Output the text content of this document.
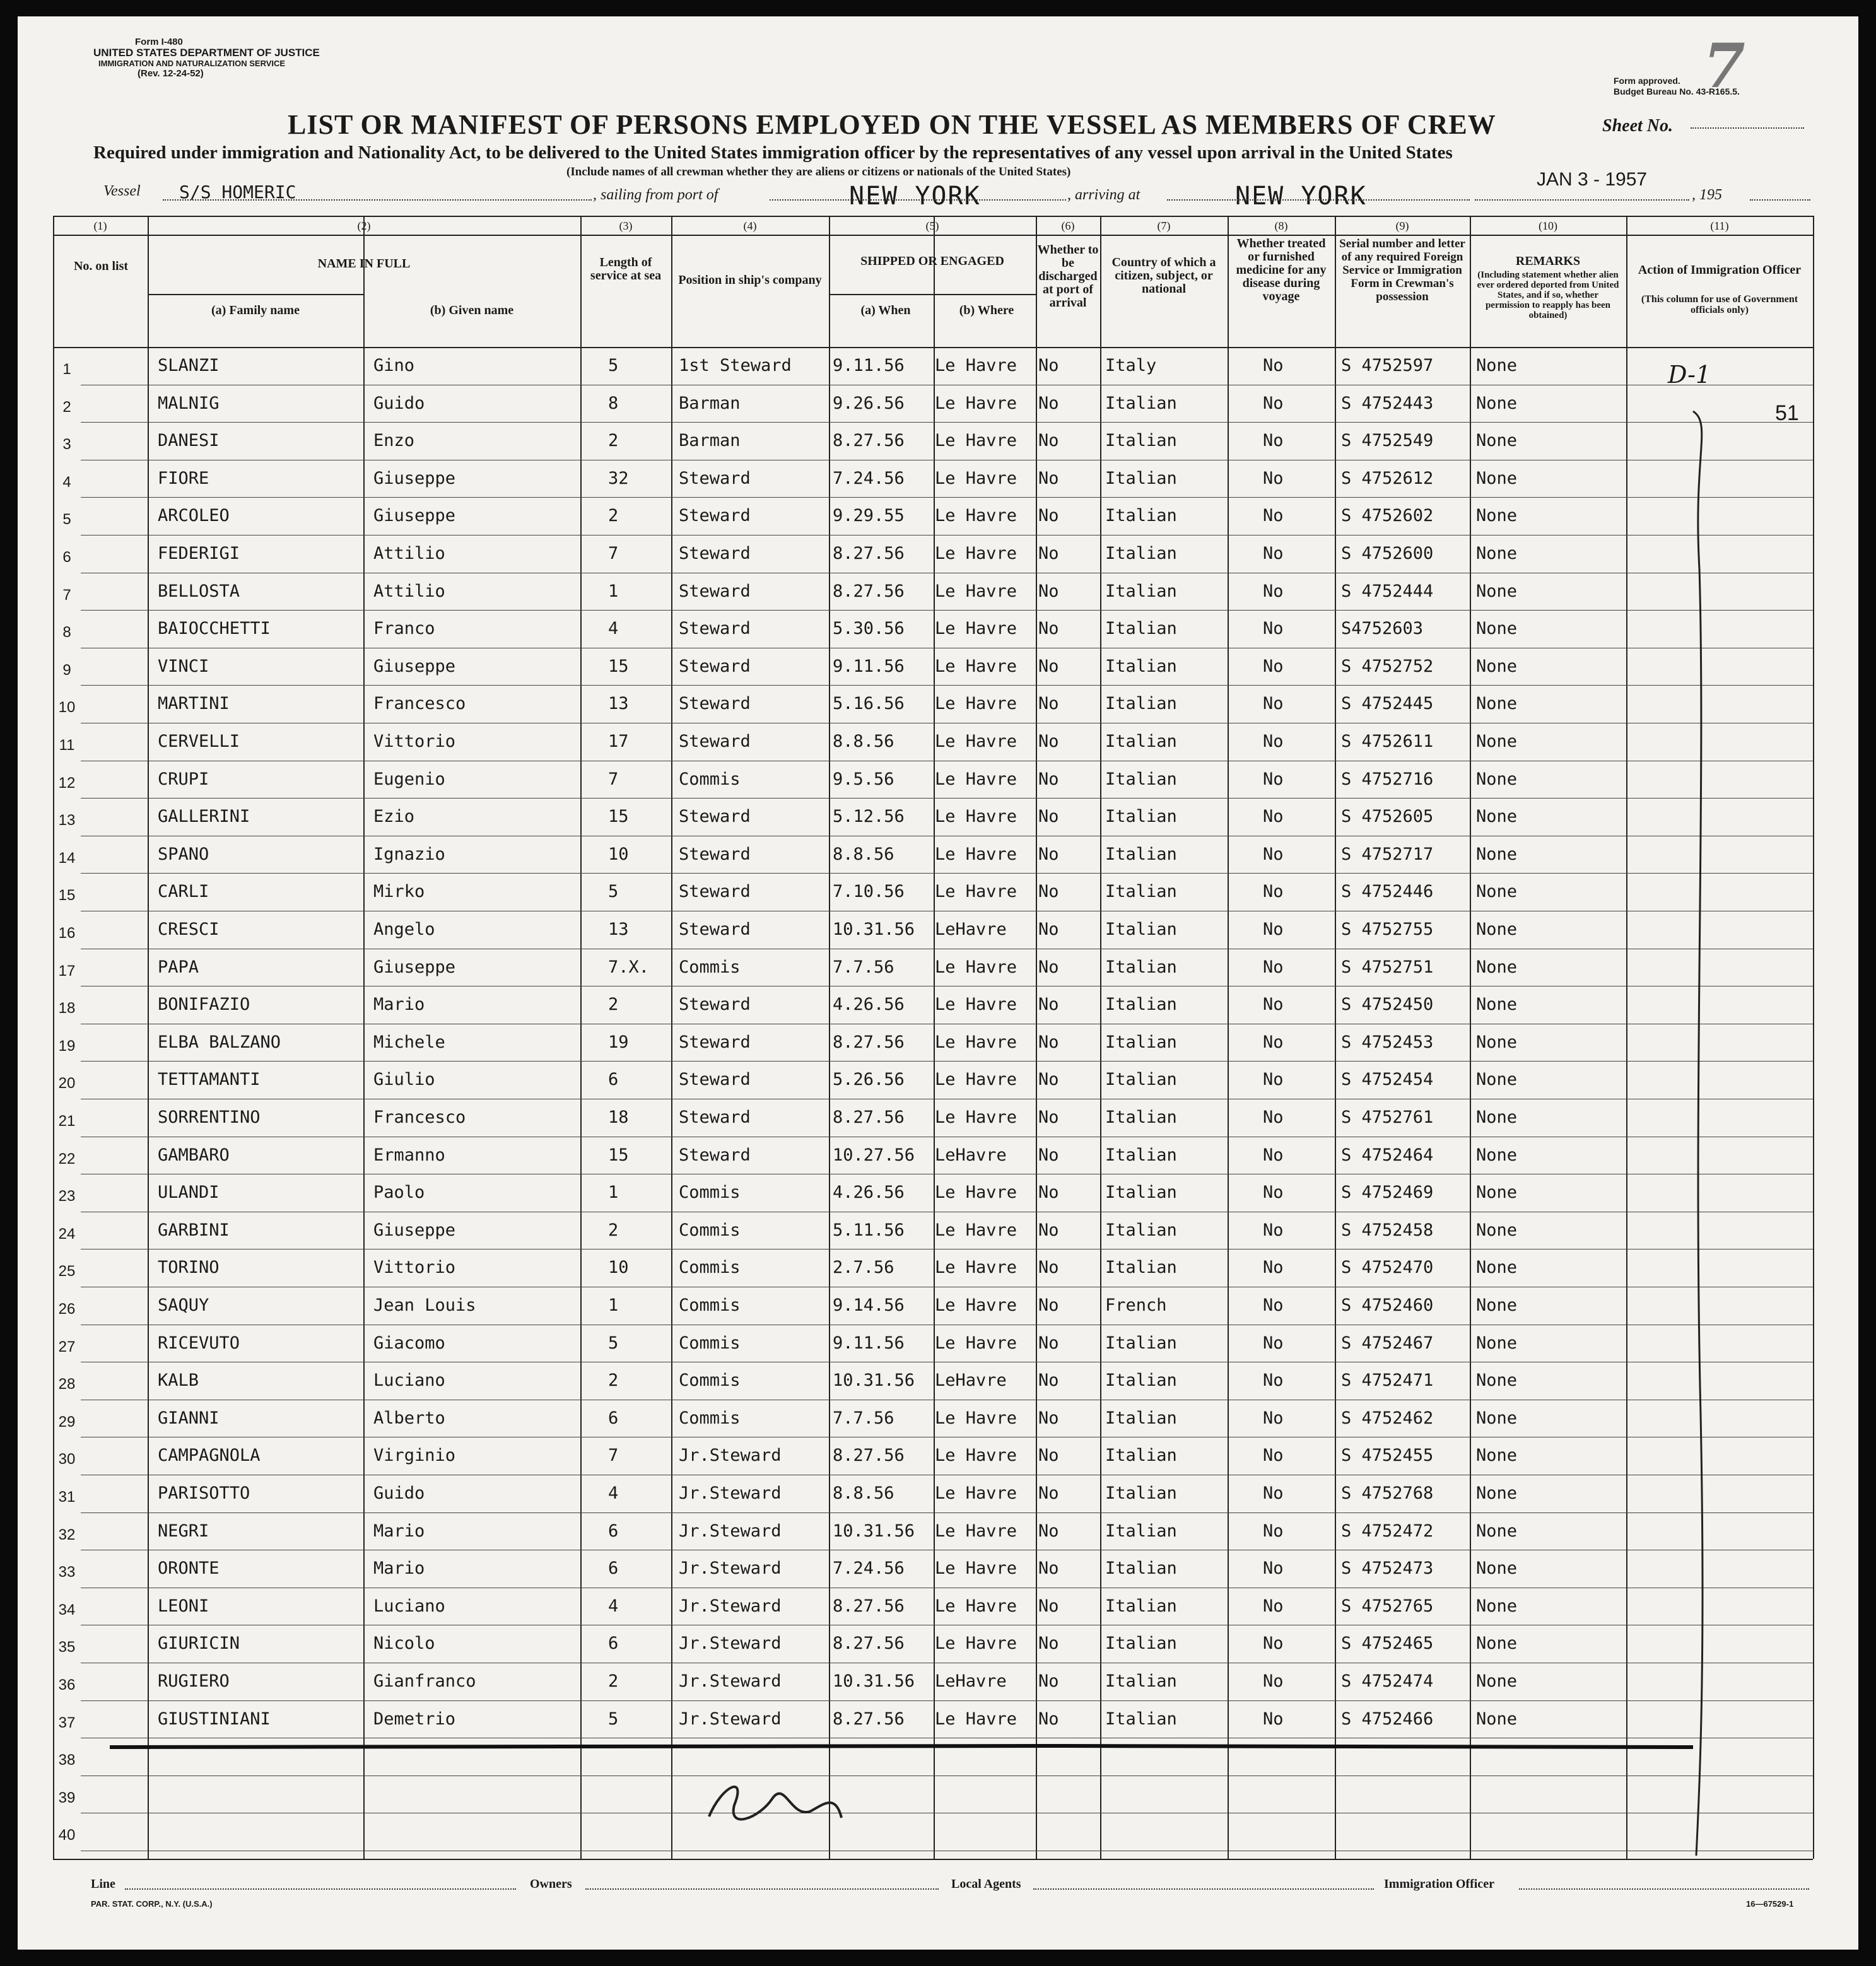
Form I-480
UNITED STATES DEPARTMENT OF JUSTICE
IMMIGRATION AND NATURALIZATION SERVICE
(Rev. 12-24-52)
Form approved.
Budget Bureau No. 43-R165.5.
LIST OR MANIFEST OF PERSONS EMPLOYED ON THE VESSEL AS MEMBERS OF CREW	Sheet No.
7
Required under immigration and Nationality Act, to be delivered to the United States immigration officer by the representatives of any vessel upon arrival in the United States
(Include names of all crewman whether they are aliens or citizens or nationals of the United States)
Vessel S/S HOMERIC	, sailing from port of	NEW YORK	, arriving at	NEW YORK
JAN 3 - 1957
, 195
(1)	(2)	(3)	(4)	(5)	(6)	(7)	(8)	(9)	(10)	(11)
No. on list	NAME IN FULL
(a) Family name	(b) Given name
Length of service at sea Position in ship's company
SHIPPED OR ENGAGED
(a) When	(b) Where
Whether to be discharged at port of arrival
Country of which a citizen, subject, or national
Whether treated or furnished medicine for any disease during voyage
Serial number and letter of any required Foreign Service or Immigration Form in Crewman's possession
REMARKS
(Including statement whether alien ever ordered deported from United States, and if so, whether permission to reapply has been obtained)
Action of Immigration Officer
(This column for use of Government officials only)
1	SLANZI	Gino	5	1st Steward 9.11.56 Le Havre No	Italy	No	S 4752597	None
2	MALNIG	Guido	8	Barman	9.26.56 Le Havre No	Italian	No	S 4752443	None
3	DANESI	Enzo	2	Barman	8.27.56 Le Havre No	Italian	No	S 4752549	None
4	FIORE	Giuseppe	32	Steward	7.24.56 Le Havre No	Italian	No	S 4752612	None
5	ARCOLEO	Giuseppe	2	Steward	9.29.55 Le Havre No	Italian	No	S 4752602	None
6	FEDERIGI	Attilio	7	Steward	8.27.56 Le Havre No	Italian	No	S 4752600	None
7	BELLOSTA	Attilio	1	Steward	8.27.56 Le Havre No	Italian	No	S 4752444	None
8	BAIOCCHETTI	Franco	4	Steward	5.30.56 Le Havre No	Italian	No	S4752603	None
9	VINCI	Giuseppe	15	Steward	9.11.56 Le Havre No	Italian	No	S 4752752	None
10	MARTINI	Francesco	13	Steward	5.16.56 Le Havre No	Italian	No	S 4752445	None
11	CERVELLI	Vittorio	17	Steward	8.8.56 Le Havre No	Italian	No	S 4752611	None
12	CRUPI	Eugenio	7	Commis	9.5.56 Le Havre No	Italian	No	S 4752716	None
13	GALLERINI	Ezio	15	Steward	5.12.56 Le Havre No	Italian	No	S 4752605	None
14	SPANO	Ignazio	10	Steward	8.8.56 Le Havre No	Italian	No	S 4752717	None
15	CARLI	Mirko	5	Steward	7.10.56 Le Havre No	Italian	No	S 4752446	None
16	CRESCI	Angelo	13	Steward	10.31.56 LeHavre No	Italian	No	S 4752755	None
17	PAPA	Giuseppe	7.X. Commis	7.7.56 Le Havre No	Italian	No	S 4752751	None
18	BONIFAZIO	Mario	2	Steward	4.26.56 Le Havre No	Italian	No	S 4752450	None
19	ELBA BALZANO	Michele	19	Steward	8.27.56 Le Havre No	Italian	No	S 4752453	None
20	TETTAMANTI	Giulio	6	Steward	5.26.56 Le Havre No	Italian	No	S 4752454	None
21	SORRENTINO	Francesco	18	Steward	8.27.56 Le Havre No	Italian	No	S 4752761	None
22	GAMBARO	Ermanno	15	Steward	10.27.56 LeHavre No	Italian	No	S 4752464	None
23	ULANDI	Paolo	1	Commis	4.26.56 Le Havre No	Italian	No	S 4752469	None
24	GARBINI	Giuseppe	2	Commis	5.11.56 Le Havre No	Italian	No	S 4752458	None
25	TORINO	Vittorio	10	Commis	2.7.56 Le Havre No	Italian	No	S 4752470	None
26	SAQUY	Jean Louis	1	Commis	9.14.56 Le Havre No	French	No	S 4752460	None
27	RICEVUTO	Giacomo	5	Commis	9.11.56 Le Havre No	Italian	No	S 4752467	None
28	KALB	Luciano	2	Commis	10.31.56 LeHavre No	Italian	No	S 4752471	None
29	GIANNI	Alberto	6	Commis	7.7.56 Le Havre No	Italian	No	S 4752462	None
30	CAMPAGNOLA	Virginio	7	Jr.Steward	8.27.56 Le Havre No	Italian	No	S 4752455	None
31	PARISOTTO	Guido	4	Jr.Steward	8.8.56 Le Havre No	Italian	No	S 4752768	None
32	NEGRI	Mario	6	Jr.Steward	10.31.56 Le Havre No	Italian	No	S 4752472	None
33	ORONTE	Mario	6	Jr.Steward	7.24.56 Le Havre No	Italian	No	S 4752473	None
34	LEONI	Luciano	4	Jr.Steward	8.27.56 Le Havre No	Italian	No	S 4752765	None
35	GIURICIN	Nicolo	6	Jr.Steward	8.27.56 Le Havre No	Italian	No	S 4752465	None
36	RUGIERO	Gianfranco	2	Jr.Steward	10.31.56 LeHavre No	Italian	No	S 4752474	None
37	GIUSTINIANI	Demetrio	5	Jr.Steward	8.27.56 Le Havre No	Italian	No	S 4752466	None
38
39
40
D-1
51
Line	Owners	Local Agents	Immigration Officer
PAR. STAT. CORP., N.Y. (U.S.A.)	16—67529-1
